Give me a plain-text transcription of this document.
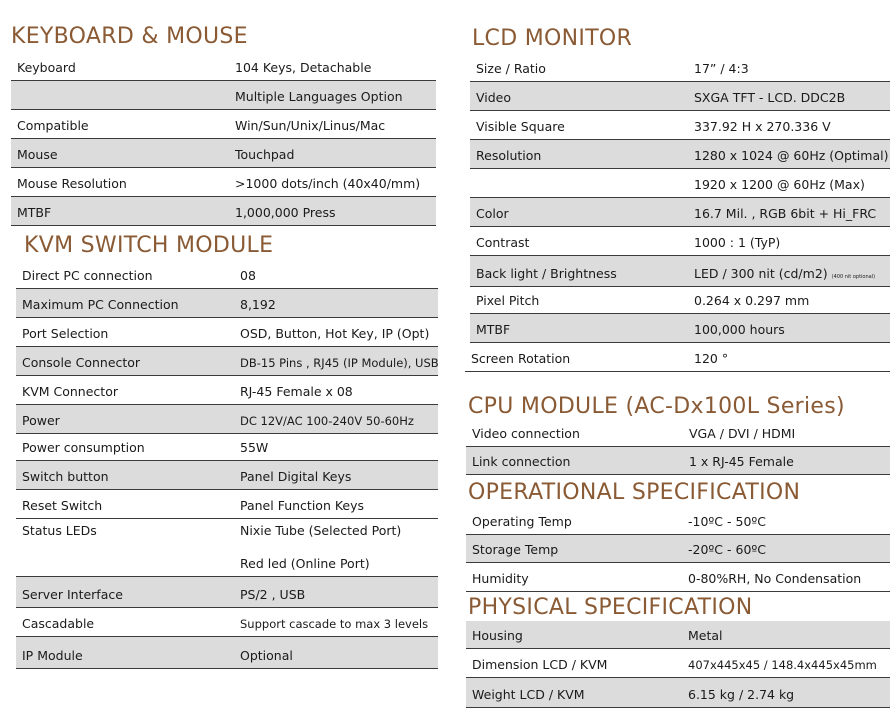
KEYBOARD & MOUSE
Keyboard	104 Keys, Detachable
Multiple Languages Option
Compatible	Win/Sun/Unix/Linus/Mac
Mouse	Touchpad
Mouse Resolution	>1000 dots/inch (40x40/mm)
MTBF	1,000,000 Press
KVM SWITCH MODULE
Direct PC connection	08
Maximum PC Connection	8,192
Port Selection	OSD, Button, Hot Key, IP (Opt)
Console Connector	DB-15 Pins , RJ45 (IP Module), USB
KVM Connector	RJ-45 Female x 08
Power	DC 12V/AC 100-240V 50-60Hz
Power consumption	55W
Switch button	Panel Digital Keys
Reset Switch	Panel Function Keys
Status LEDs	Nixie Tube (Selected Port)
Red led (Online Port)
Server Interface	PS/2 , USB
Cascadable	Support cascade to max 3 levels
IP Module	Optional
LCD MONITOR
Size / Ratio	17” / 4:3
Video	SXGA TFT - LCD. DDC2B
Visible Square	337.92 H x 270.336 V
Resolution	1280 x 1024 @ 60Hz (Optimal)
1920 x 1200 @ 60Hz (Max)
Color	16.7 Mil. , RGB 6bit + Hi_FRC
Contrast	1000 : 1 (TyP)
Back light / Brightness	LED / 300 nit (cd/m2) (400 nit optional)
Pixel Pitch	0.264 x 0.297 mm
MTBF	100,000 hours
Screen Rotation	120 °
CPU MODULE (AC-Dx100L Series)
Video connection	VGA / DVI / HDMI
Link connection	1 x RJ-45 Female
OPERATIONAL SPECIFICATION
Operating Temp	-10ºC - 50ºC
Storage Temp	-20ºC - 60ºC
Humidity	0-80%RH, No Condensation
PHYSICAL SPECIFICATION
Housing	Metal
Dimension LCD / KVM	407x445x45 / 148.4x445x45mm
Weight LCD / KVM	6.15 kg / 2.74 kg
